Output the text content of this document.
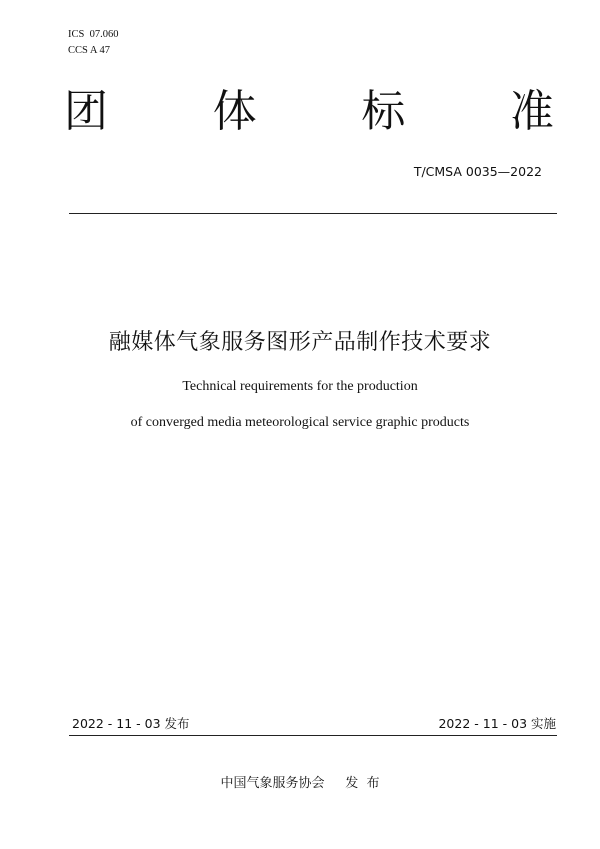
ICS  07.060
CCS A 47
团 体 标 准
T/CMSA 0035—2022
融媒体气象服务图形产品制作技术要求
Technical requirements for the production
of converged media meteorological service graphic products
2022 - 11 - 03 发布	2022 - 11 - 03 实施
中国气象服务协会     发  布
